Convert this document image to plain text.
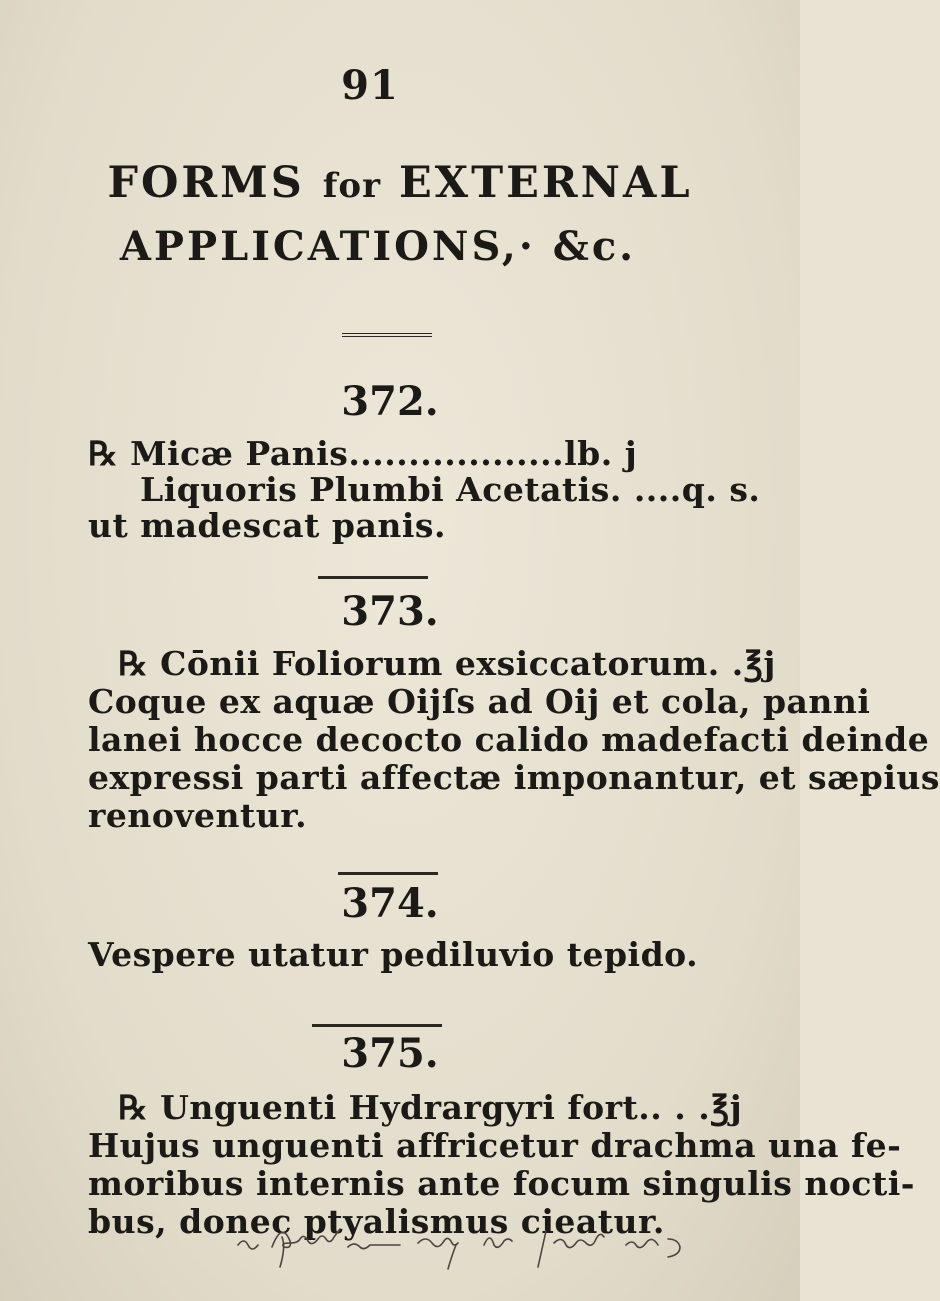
91
FORMS for EXTERNAL
APPLICATIONS,· &c.
372.
℞ Micæ Panis..................lb. j
Liquoris Plumbi Acetatis. ....q. s.
ut madescat panis.
373.
℞ Cōnii Foliorum exsiccatorum. .℥j
Coque ex aquæ Oijſs ad Oij et cola, panni
lanei hocce decocto calido madefacti deinde
expressi parti affectæ imponantur, et sæpius
renoventur.
374.
Vespere utatur pediluvio tepido.
375.
℞ Unguenti Hydrargyri fort.. . .℥j
Hujus unguenti affricetur drachma una fe-
moribus internis ante focum singulis nocti-
bus, donec ptyalismus cieatur.
